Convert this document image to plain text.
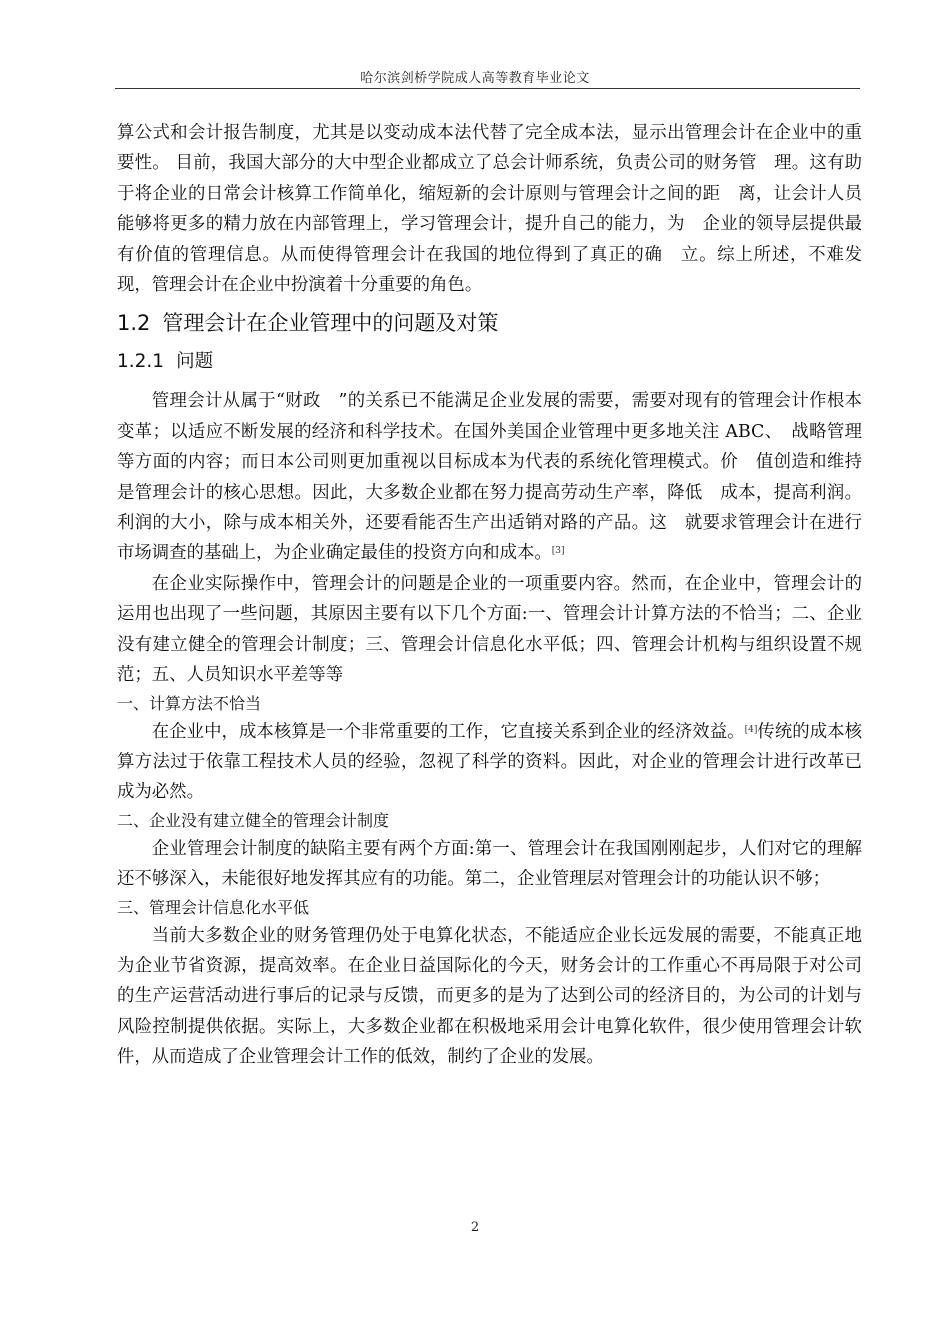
哈尔滨剑桥学院成人高等教育毕业论文

算公式和会计报告制度，尤其是以变动成本法代替了完全成本法，显示出管理会计在企业中的重要性。 目前，我国大部分的大中型企业都成立了总会计师系统，负责公司的财务管　理。这有助于将企业的日常会计核算工作简单化，缩短新的会计原则与管理会计之间的距　离，让会计人员能够将更多的精力放在内部管理上，学习管理会计，提升自己的能力，为　企业的领导层提供最有价值的管理信息。从而使得管理会计在我国的地位得到了真正的确　立。综上所述，不难发现，管理会计在企业中扮演着十分重要的角色。

1.2 管理会计在企业管理中的问题及对策
1.2.1 问题

管理会计从属于“财政　”的关系已不能满足企业发展的需要，需要对现有的管理会计作根本变革；以适应不断发展的经济和科学技术。在国外美国企业管理中更多地关注 ABC、　战略管理等方面的内容；而日本公司则更加重视以目标成本为代表的系统化管理模式。价　值创造和维持是管理会计的核心思想。因此，大多数企业都在努力提高劳动生产率，降低　成本，提高利润。利润的大小，除与成本相关外，还要看能否生产出适销对路的产品。这　就要求管理会计在进行市场调查的基础上，为企业确定最佳的投资方向和成本。[3]

在企业实际操作中，管理会计的问题是企业的一项重要内容。然而，在企业中，管理会计的运用也出现了一些问题，其原因主要有以下几个方面:一、管理会计计算方法的不恰当；二、企业没有建立健全的管理会计制度；三、管理会计信息化水平低；四、管理会计机构与组织设置不规范；五、人员知识水平差等等

一、计算方法不恰当

在企业中，成本核算是一个非常重要的工作，它直接关系到企业的经济效益。[4]传统的成本核算方法过于依靠工程技术人员的经验，忽视了科学的资料。因此，对企业的管理会计进行改革已成为必然。

二、企业没有建立健全的管理会计制度

企业管理会计制度的缺陷主要有两个方面:第一、管理会计在我国刚刚起步，人们对它的理解还不够深入，未能很好地发挥其应有的功能。第二，企业管理层对管理会计的功能认识不够；

三、管理会计信息化水平低

当前大多数企业的财务管理仍处于电算化状态，不能适应企业长远发展的需要，不能真正地为企业节省资源，提高效率。在企业日益国际化的今天，财务会计的工作重心不再局限于对公司的生产运营活动进行事后的记录与反馈，而更多的是为了达到公司的经济目的，为公司的计划与风险控制提供依据。实际上，大多数企业都在积极地采用会计电算化软件，很少使用管理会计软件，从而造成了企业管理会计工作的低效，制约了企业的发展。

2
